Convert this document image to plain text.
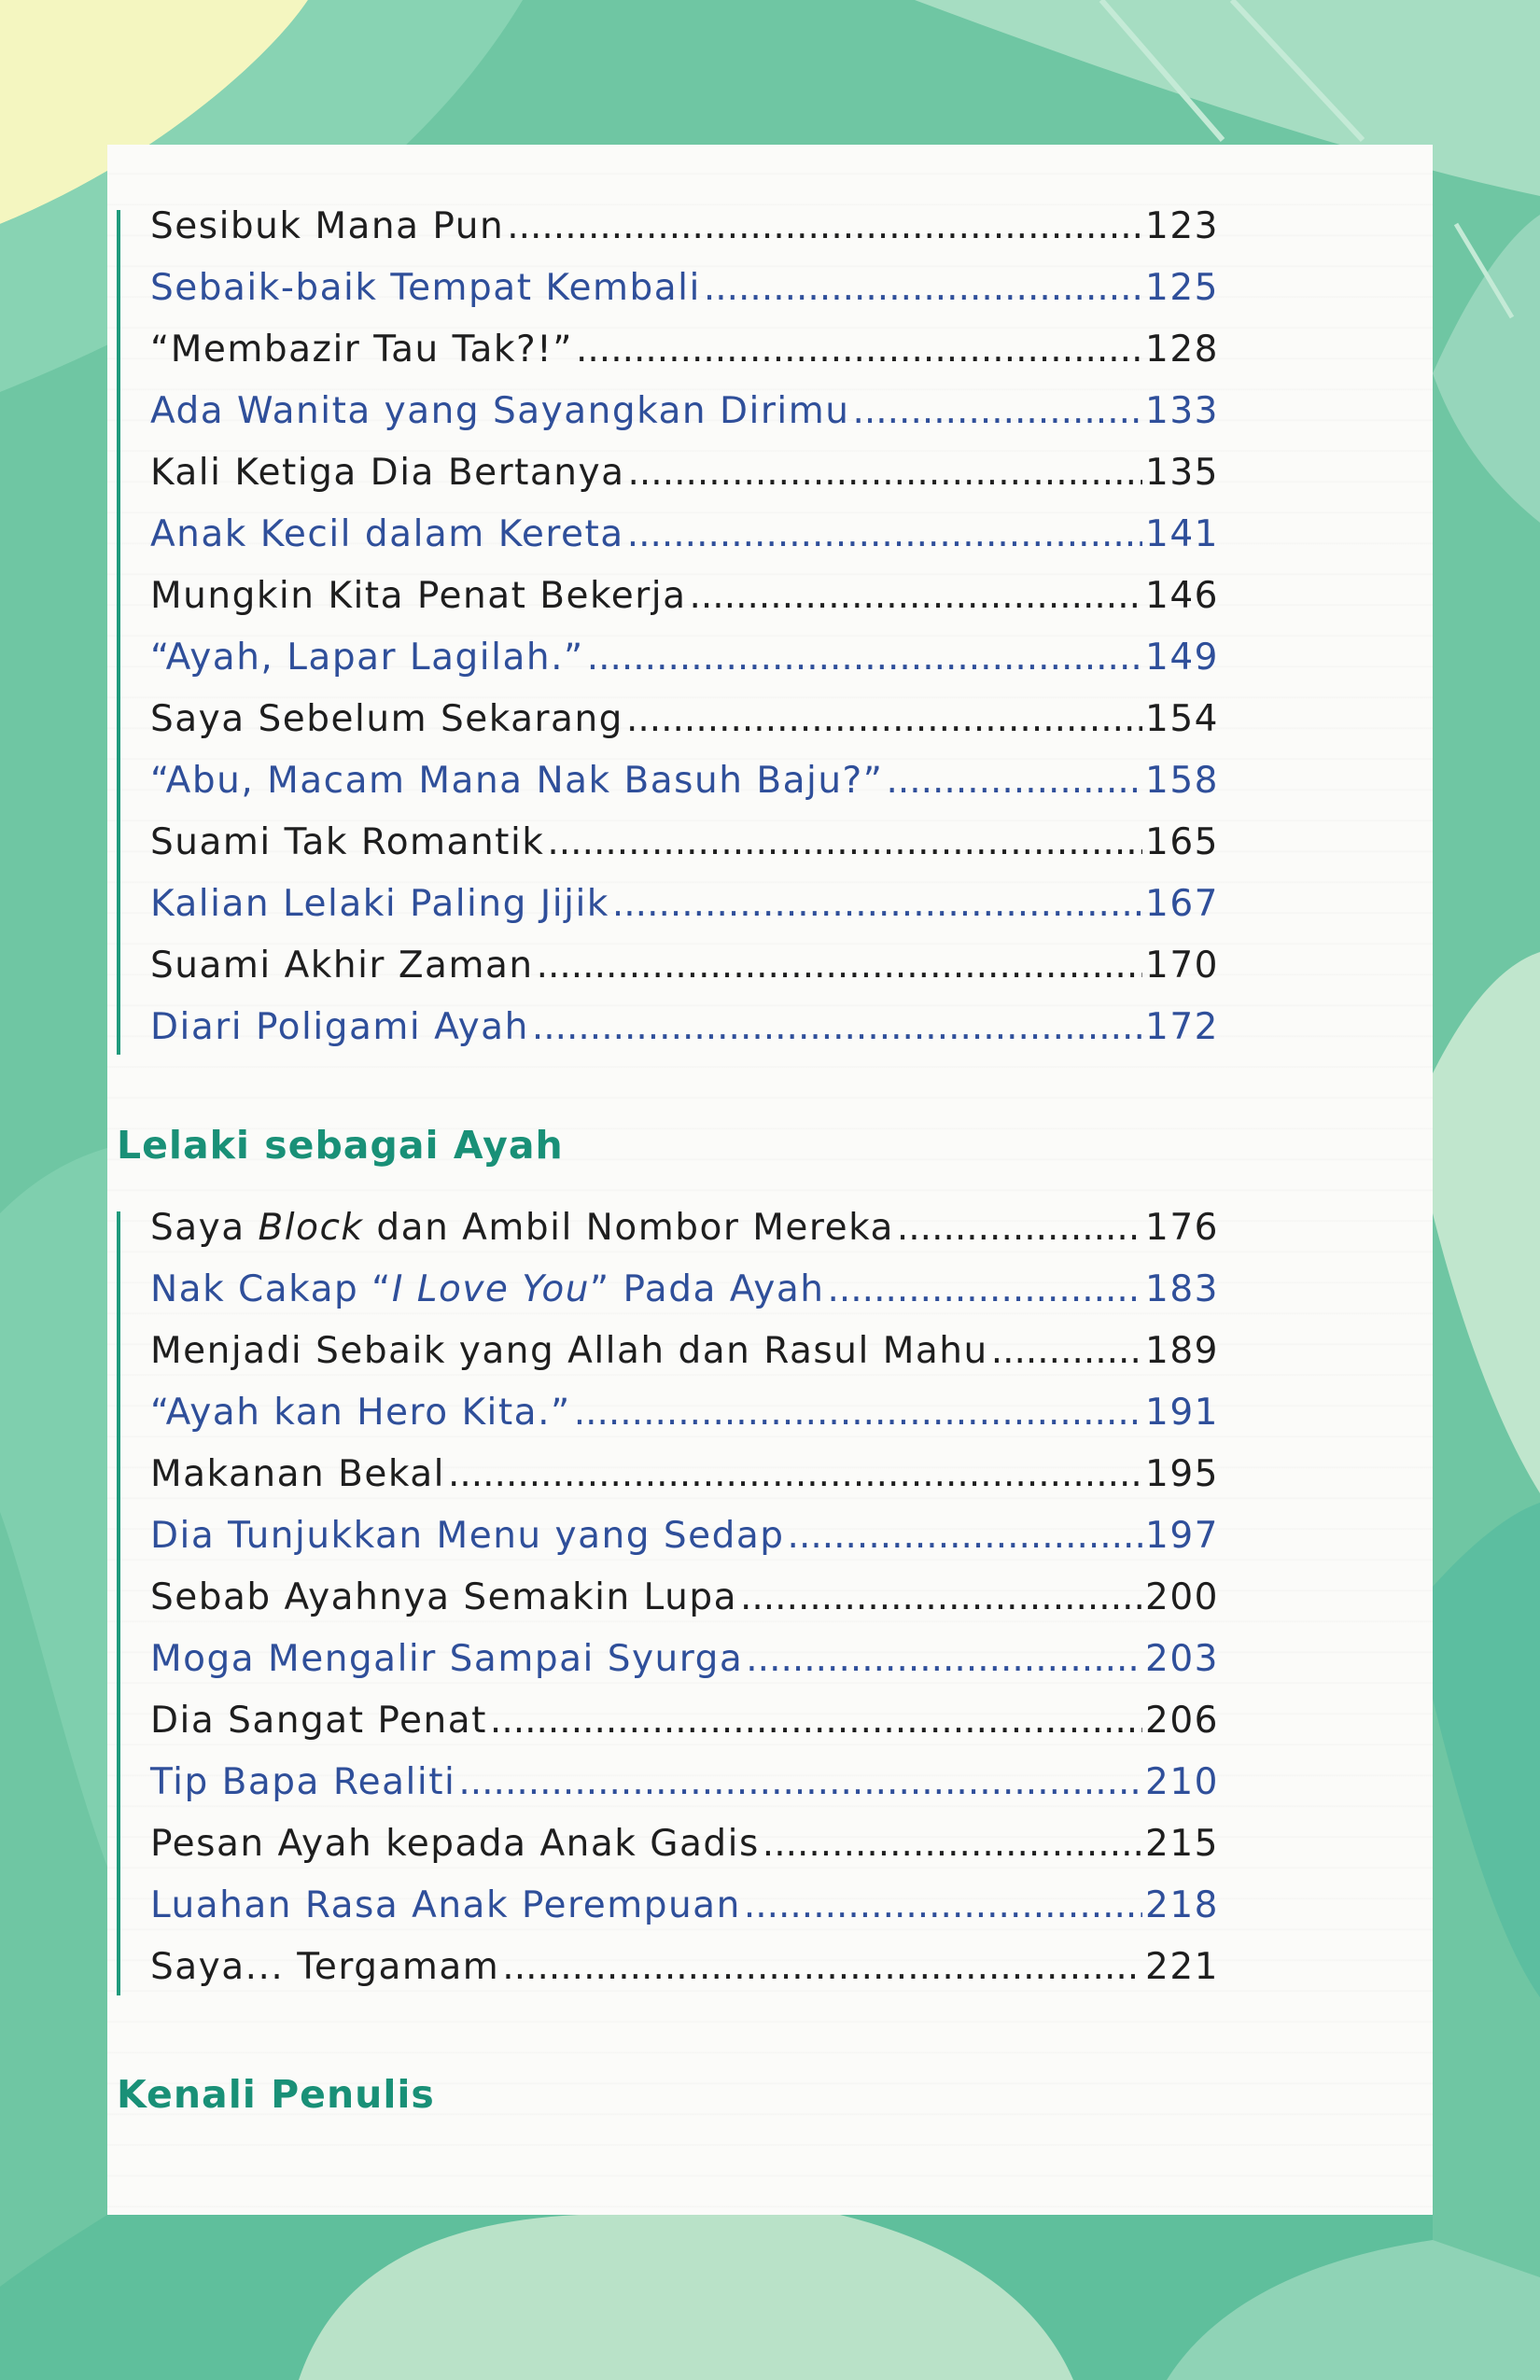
Sesibuk Mana Pun .....	123
Sebaik-baik Tempat Kembali .....	125
“Membazir Tau Tak?!” .....	128
Ada Wanita yang Sayangkan Dirimu .....	133
Kali Ketiga Dia Bertanya .....	135
Anak Kecil dalam Kereta .....	141
Mungkin Kita Penat Bekerja .....	146
“Ayah, Lapar Lagilah.” .....	149
Saya Sebelum Sekarang .....	154
“Abu, Macam Mana Nak Basuh Baju?” .....	158
Suami Tak Romantik .....	165
Kalian Lelaki Paling Jijik .....	167
Suami Akhir Zaman .....	170
Diari Poligami Ayah .....	172
Lelaki sebagai Ayah
Saya Block dan Ambil Nombor Mereka .....	176
Nak Cakap “I Love You” Pada Ayah .....	183
Menjadi Sebaik yang Allah dan Rasul Mahu .....	189
“Ayah kan Hero Kita.” .....	191
Makanan Bekal .....	195
Dia Tunjukkan Menu yang Sedap .....	197
Sebab Ayahnya Semakin Lupa .....	200
Moga Mengalir Sampai Syurga .....	203
Dia Sangat Penat .....	206
Tip Bapa Realiti .....	210
Pesan Ayah kepada Anak Gadis .....	215
Luahan Rasa Anak Perempuan .....	218
Saya... Tergamam .....	221
Kenali Penulis
